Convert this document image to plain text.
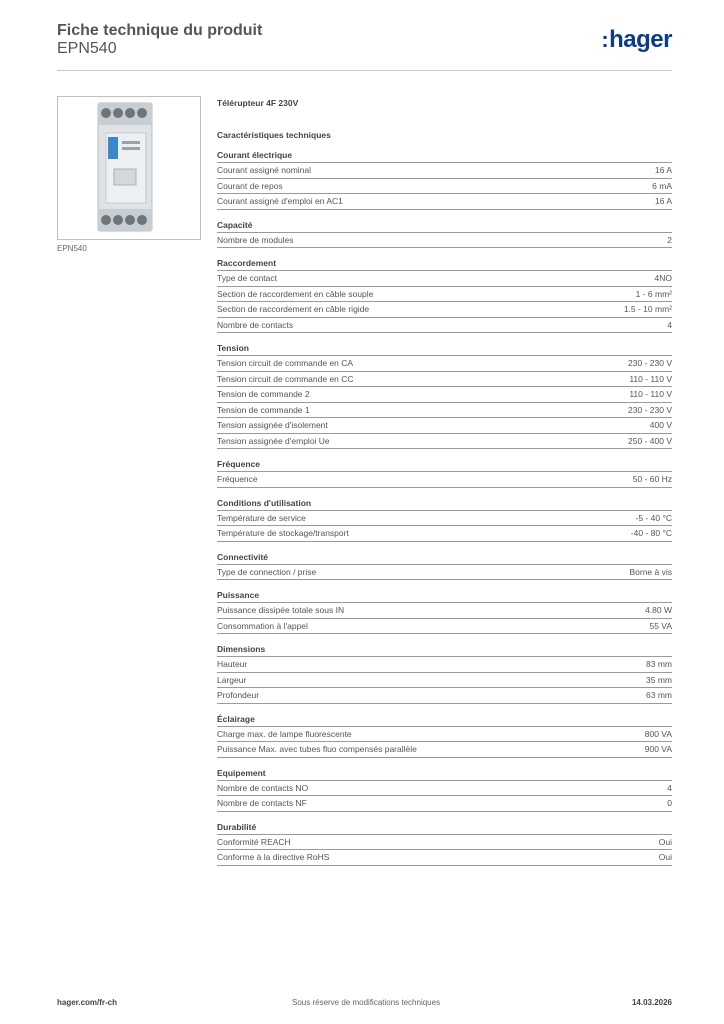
Fiche technique du produit
EPN540	:hager
EPN540
Télérupteur 4F 230V
Caractéristiques techniques
Courant électrique
Courant assigné nominal	16 A
Courant de repos	6 mA
Courant assigné d'emploi en AC1	16 A
Capacité
Nombre de modules	2
Raccordement
Type de contact	4NO
Section de raccordement en câble souple	1 - 6 mm²
Section de raccordement en câble rigide	1.5 - 10 mm²
Nombre de contacts	4
Tension
Tension circuit de commande en CA	230 - 230 V
Tension circuit de commande en CC	110 - 110 V
Tension de commande 2	110 - 110 V
Tension de commande 1	230 - 230 V
Tension assignée d'isolement	400 V
Tension assignée d'emploi Ue	250 - 400 V
Fréquence
Fréquence	50 - 60 Hz
Conditions d'utilisation
Température de service	-5 - 40 °C
Température de stockage/transport	-40 - 80 °C
Connectivité
Type de connection / prise	Borne à vis
Puissance
Puissance dissipée totale sous IN	4.80 W
Consommation à l'appel	55 VA
Dimensions
Hauteur	83 mm
Largeur	35 mm
Profondeur	63 mm
Éclairage
Charge max. de lampe fluorescente	800 VA
Puissance Max. avec tubes fluo compensés parallèle	900 VA
Equipement
Nombre de contacts NO	4
Nombre de contacts NF	0
Durabilité
Conformité REACH	Oui
Conforme à la directive RoHS	Oui
hager.com/fr-ch	Sous réserve de modifications techniques	14.03.2026
